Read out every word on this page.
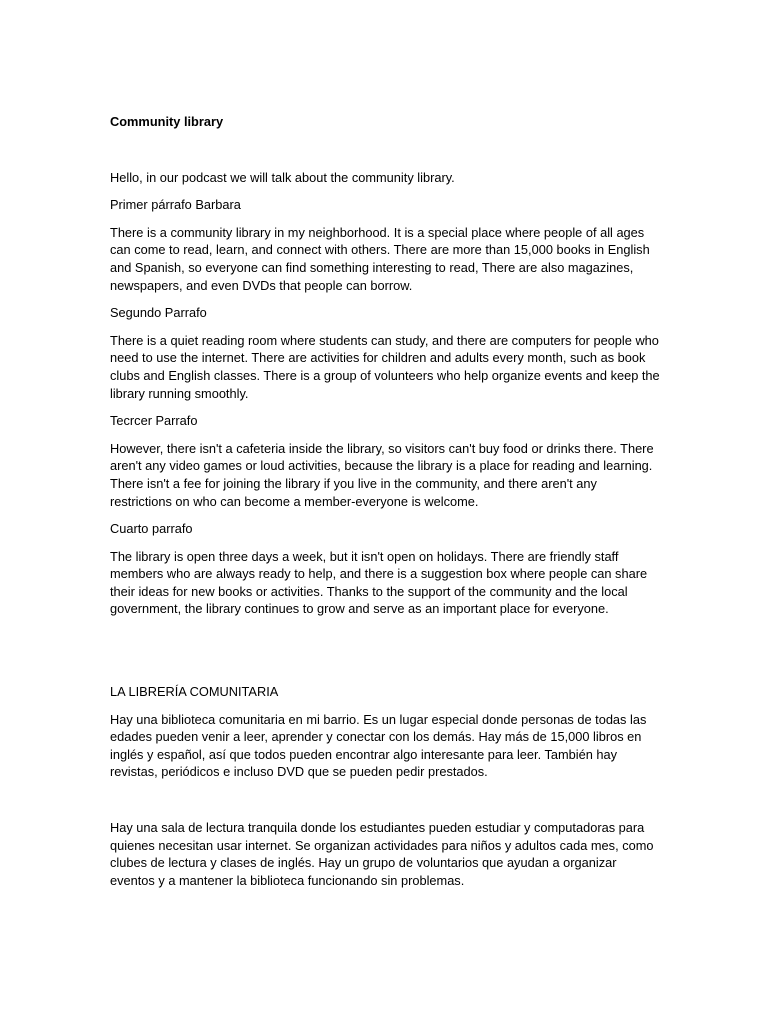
Community library

Hello, in our podcast we will talk about the community library.

Primer párrafo Barbara

There is a community library in my neighborhood. It is a special place where people of all ages can come to read, learn, and connect with others. There are more than 15,000 books in English and Spanish, so everyone can find something interesting to read, There are also magazines, newspapers, and even DVDs that people can borrow.

Segundo Parrafo

There is a quiet reading room where students can study, and there are computers for people who need to use the internet. There are activities for children and adults every month, such as book clubs and English classes. There is a group of volunteers who help organize events and keep the library running smoothly.

Tecrcer Parrafo

However, there isn't a cafeteria inside the library, so visitors can't buy food or drinks there. There aren't any video games or loud activities, because the library is a place for reading and learning. There isn't a fee for joining the library if you live in the community, and there aren't any restrictions on who can become a member-everyone is welcome.

Cuarto parrafo

The library is open three days a week, but it isn't open on holidays. There are friendly staff members who are always ready to help, and there is a suggestion box where people can share their ideas for new books or activities. Thanks to the support of the community and the local government, the library continues to grow and serve as an important place for everyone.

LA LIBRERÍA COMUNITARIA

Hay una biblioteca comunitaria en mi barrio. Es un lugar especial donde personas de todas las edades pueden venir a leer, aprender y conectar con los demás. Hay más de 15,000 libros en inglés y español, así que todos pueden encontrar algo interesante para leer. También hay revistas, periódicos e incluso DVD que se pueden pedir prestados.

Hay una sala de lectura tranquila donde los estudiantes pueden estudiar y computadoras para quienes necesitan usar internet. Se organizan actividades para niños y adultos cada mes, como clubes de lectura y clases de inglés. Hay un grupo de voluntarios que ayudan a organizar eventos y a mantener la biblioteca funcionando sin problemas.
